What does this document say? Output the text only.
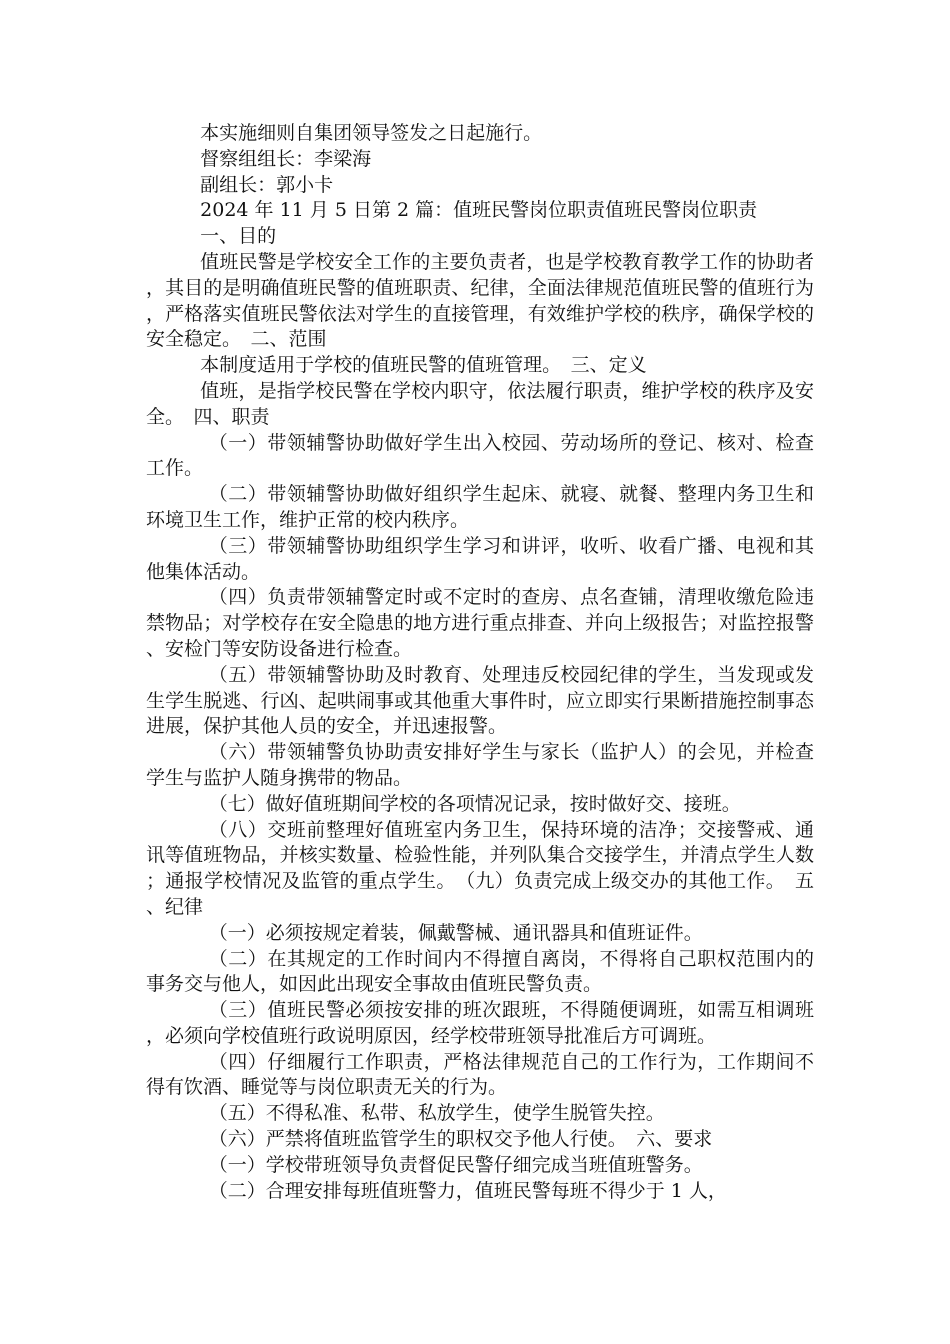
本实施细则自集团领导签发之日起施行。

督察组组长：李梁海

副组长：郭小卡

2024 年 11 月 5 日第 2 篇：值班民警岗位职责值班民警岗位职责

一、目的

值班民警是学校安全工作的主要负责者，也是学校教育教学工作的协助者，其目的是明确值班民警的值班职责、纪律，全面法律规范值班民警的值班行为，严格落实值班民警依法对学生的直接管理，有效维护学校的秩序，确保学校的安全稳定。　二、范围

本制度适用于学校的值班民警的值班管理。　三、定义

值班，是指学校民警在学校内职守，依法履行职责，维护学校的秩序及安全。　四、职责

（一）带领辅警协助做好学生出入校园、劳动场所的登记、核对、检查工作。

（二）带领辅警协助做好组织学生起床、就寝、就餐、整理内务卫生和环境卫生工作，维护正常的校内秩序。

（三）带领辅警协助组织学生学习和讲评，收听、收看广播、电视和其他集体活动。

（四）负责带领辅警定时或不定时的查房、点名查铺，清理收缴危险违禁物品；对学校存在安全隐患的地方进行重点排查、并向上级报告；对监控报警、安检门等安防设备进行检查。

（五）带领辅警协助及时教育、处理违反校园纪律的学生，当发现或发生学生脱逃、行凶、起哄闹事或其他重大事件时，应立即实行果断措施控制事态进展，保护其他人员的安全，并迅速报警。

（六）带领辅警负协助责安排好学生与家长（监护人）的会见，并检查学生与监护人随身携带的物品。

（七）做好值班期间学校的各项情况记录，按时做好交、接班。

（八）交班前整理好值班室内务卫生，保持环境的洁净；交接警戒、通讯等值班物品，并核实数量、检验性能，并列队集合交接学生，并清点学生人数；通报学校情况及监管的重点学生。　（九）负责完成上级交办的其他工作。　五、纪律

（一）必须按规定着装，佩戴警械、通讯器具和值班证件。

（二）在其规定的工作时间内不得擅自离岗，不得将自己职权范围内的事务交与他人，如因此出现安全事故由值班民警负责。

（三）值班民警必须按安排的班次跟班，不得随便调班，如需互相调班，必须向学校值班行政说明原因，经学校带班领导批准后方可调班。

（四）仔细履行工作职责，严格法律规范自己的工作行为，工作期间不得有饮酒、睡觉等与岗位职责无关的行为。

（五）不得私准、私带、私放学生，使学生脱管失控。

（六）严禁将值班监管学生的职权交予他人行使。　六、要求

（一）学校带班领导负责督促民警仔细完成当班值班警务。

（二）合理安排每班值班警力，值班民警每班不得少于 1 人，
